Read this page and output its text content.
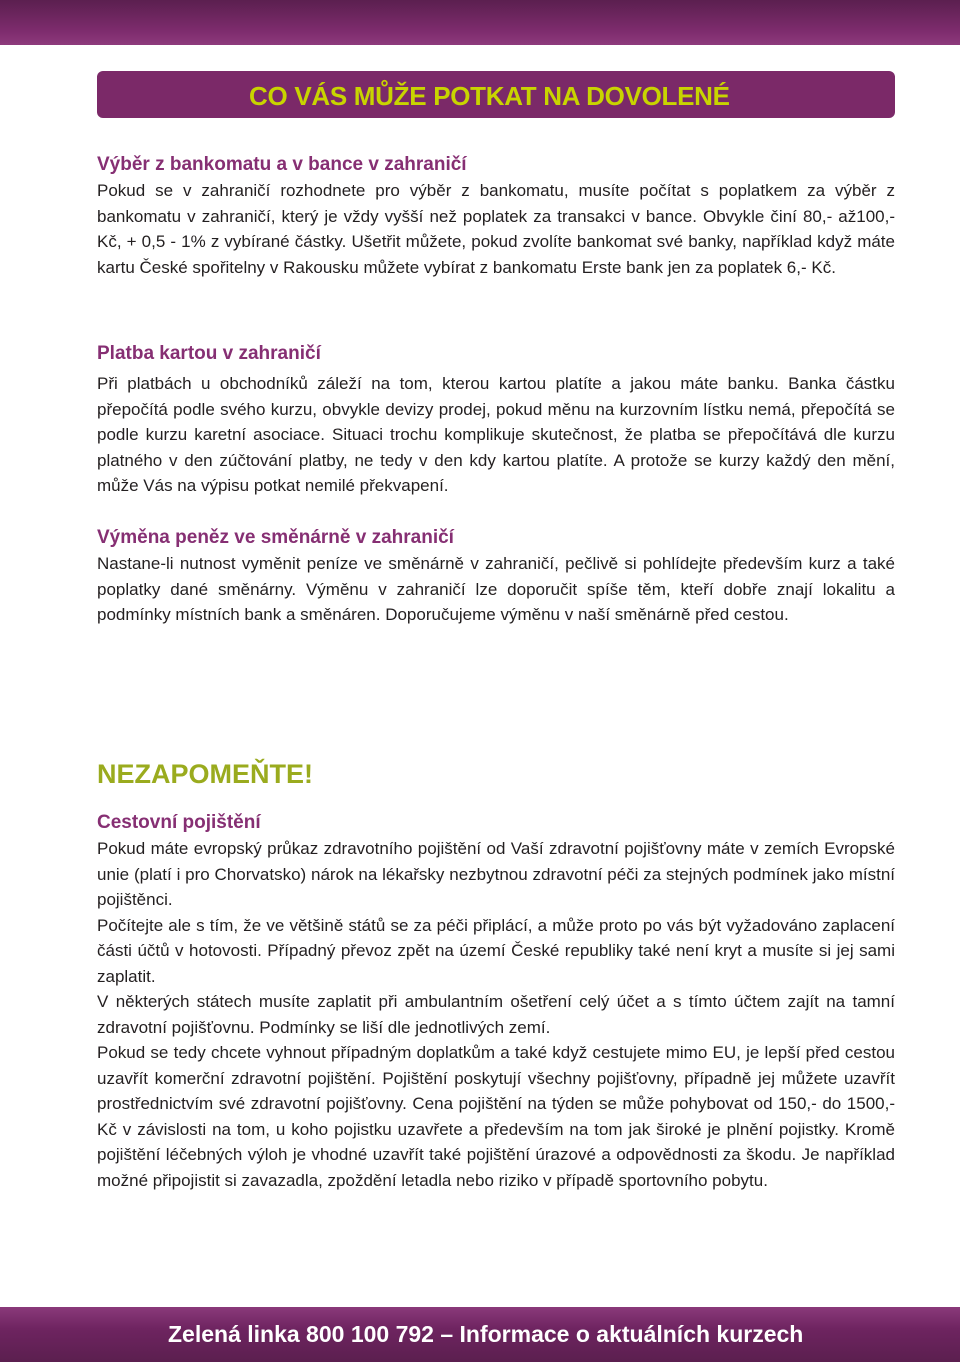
CO VÁS MŮŽE POTKAT NA DOVOLENÉ
Výběr z bankomatu a v bance v zahraničí

Pokud se v zahraničí rozhodnete pro výběr z bankomatu, musíte počítat s poplatkem za výběr z bankomatu v zahraničí, který je vždy vyšší než poplatek za transakci v bance. Obvykle činí 80,- až100,- Kč, + 0,5 - 1% z vybírané částky. Ušetřit můžete, pokud zvolíte bankomat své banky, například když máte kartu České spořitelny v Rakousku můžete vybírat z bankomatu Erste bank jen za poplatek 6,- Kč.

Platba kartou v zahraničí

Při platbách u obchodníků záleží na tom, kterou kartou platíte a jakou máte banku. Banka částku přepočítá podle svého kurzu, obvykle devizy prodej, pokud měnu na kurzovním lístku nemá, přepočítá se podle kurzu karetní asociace. Situaci trochu komplikuje skutečnost, že platba se přepočítává dle kurzu platného v den zúčtování platby, ne tedy v den kdy kartou platíte. A protože se kurzy každý den mění, může Vás na výpisu potkat nemilé překvapení.

Výměna peněz ve směnárně v zahraničí

Nastane-li nutnost vyměnit peníze ve směnárně v zahraničí, pečlivě si pohlídejte především kurz a také poplatky dané směnárny. Výměnu v zahraničí lze doporučit spíše těm, kteří dobře znají lokalitu a podmínky místních bank a směnáren. Doporučujeme výměnu v naší směnárně před cestou.

NEZAPOMEŇTE!
Cestovní pojištění

Pokud máte evropský průkaz zdravotního pojištění od Vaší zdravotní pojišťovny máte v zemích Evropské unie (platí i pro Chorvatsko) nárok na lékařsky nezbytnou zdravotní péči za stejných podmínek jako místní pojištěnci.

Počítejte ale s tím, že ve většině států se za péči připlácí, a může proto po vás být vyžadováno zaplacení části účtů v hotovosti. Případný převoz zpět na území České republiky také není kryt a musíte si jej sami zaplatit.

V některých státech musíte zaplatit při ambulantním ošetření celý účet a s tímto účtem zajít na tamní zdravotní pojišťovnu. Podmínky se liší dle jednotlivých zemí.

Pokud se tedy chcete vyhnout případným doplatkům a také když cestujete mimo EU, je lepší před cestou uzavřít komerční zdravotní pojištění. Pojištění poskytují všechny pojišťovny, případně jej můžete uzavřít prostřednictvím své zdravotní pojišťovny. Cena pojištění na týden se může pohybovat od 150,- do 1500,- Kč v závislosti na tom, u koho pojistku uzavřete a především na tom jak široké je plnění pojistky. Kromě pojištění léčebných výloh je vhodné uzavřít také pojištění úrazové a odpovědnosti za škodu. Je například možné připojistit si zavazadla, zpoždění letadla nebo riziko v případě sportovního pobytu.

Zelená linka 800 100 792 – Informace o aktuálních kurzech
